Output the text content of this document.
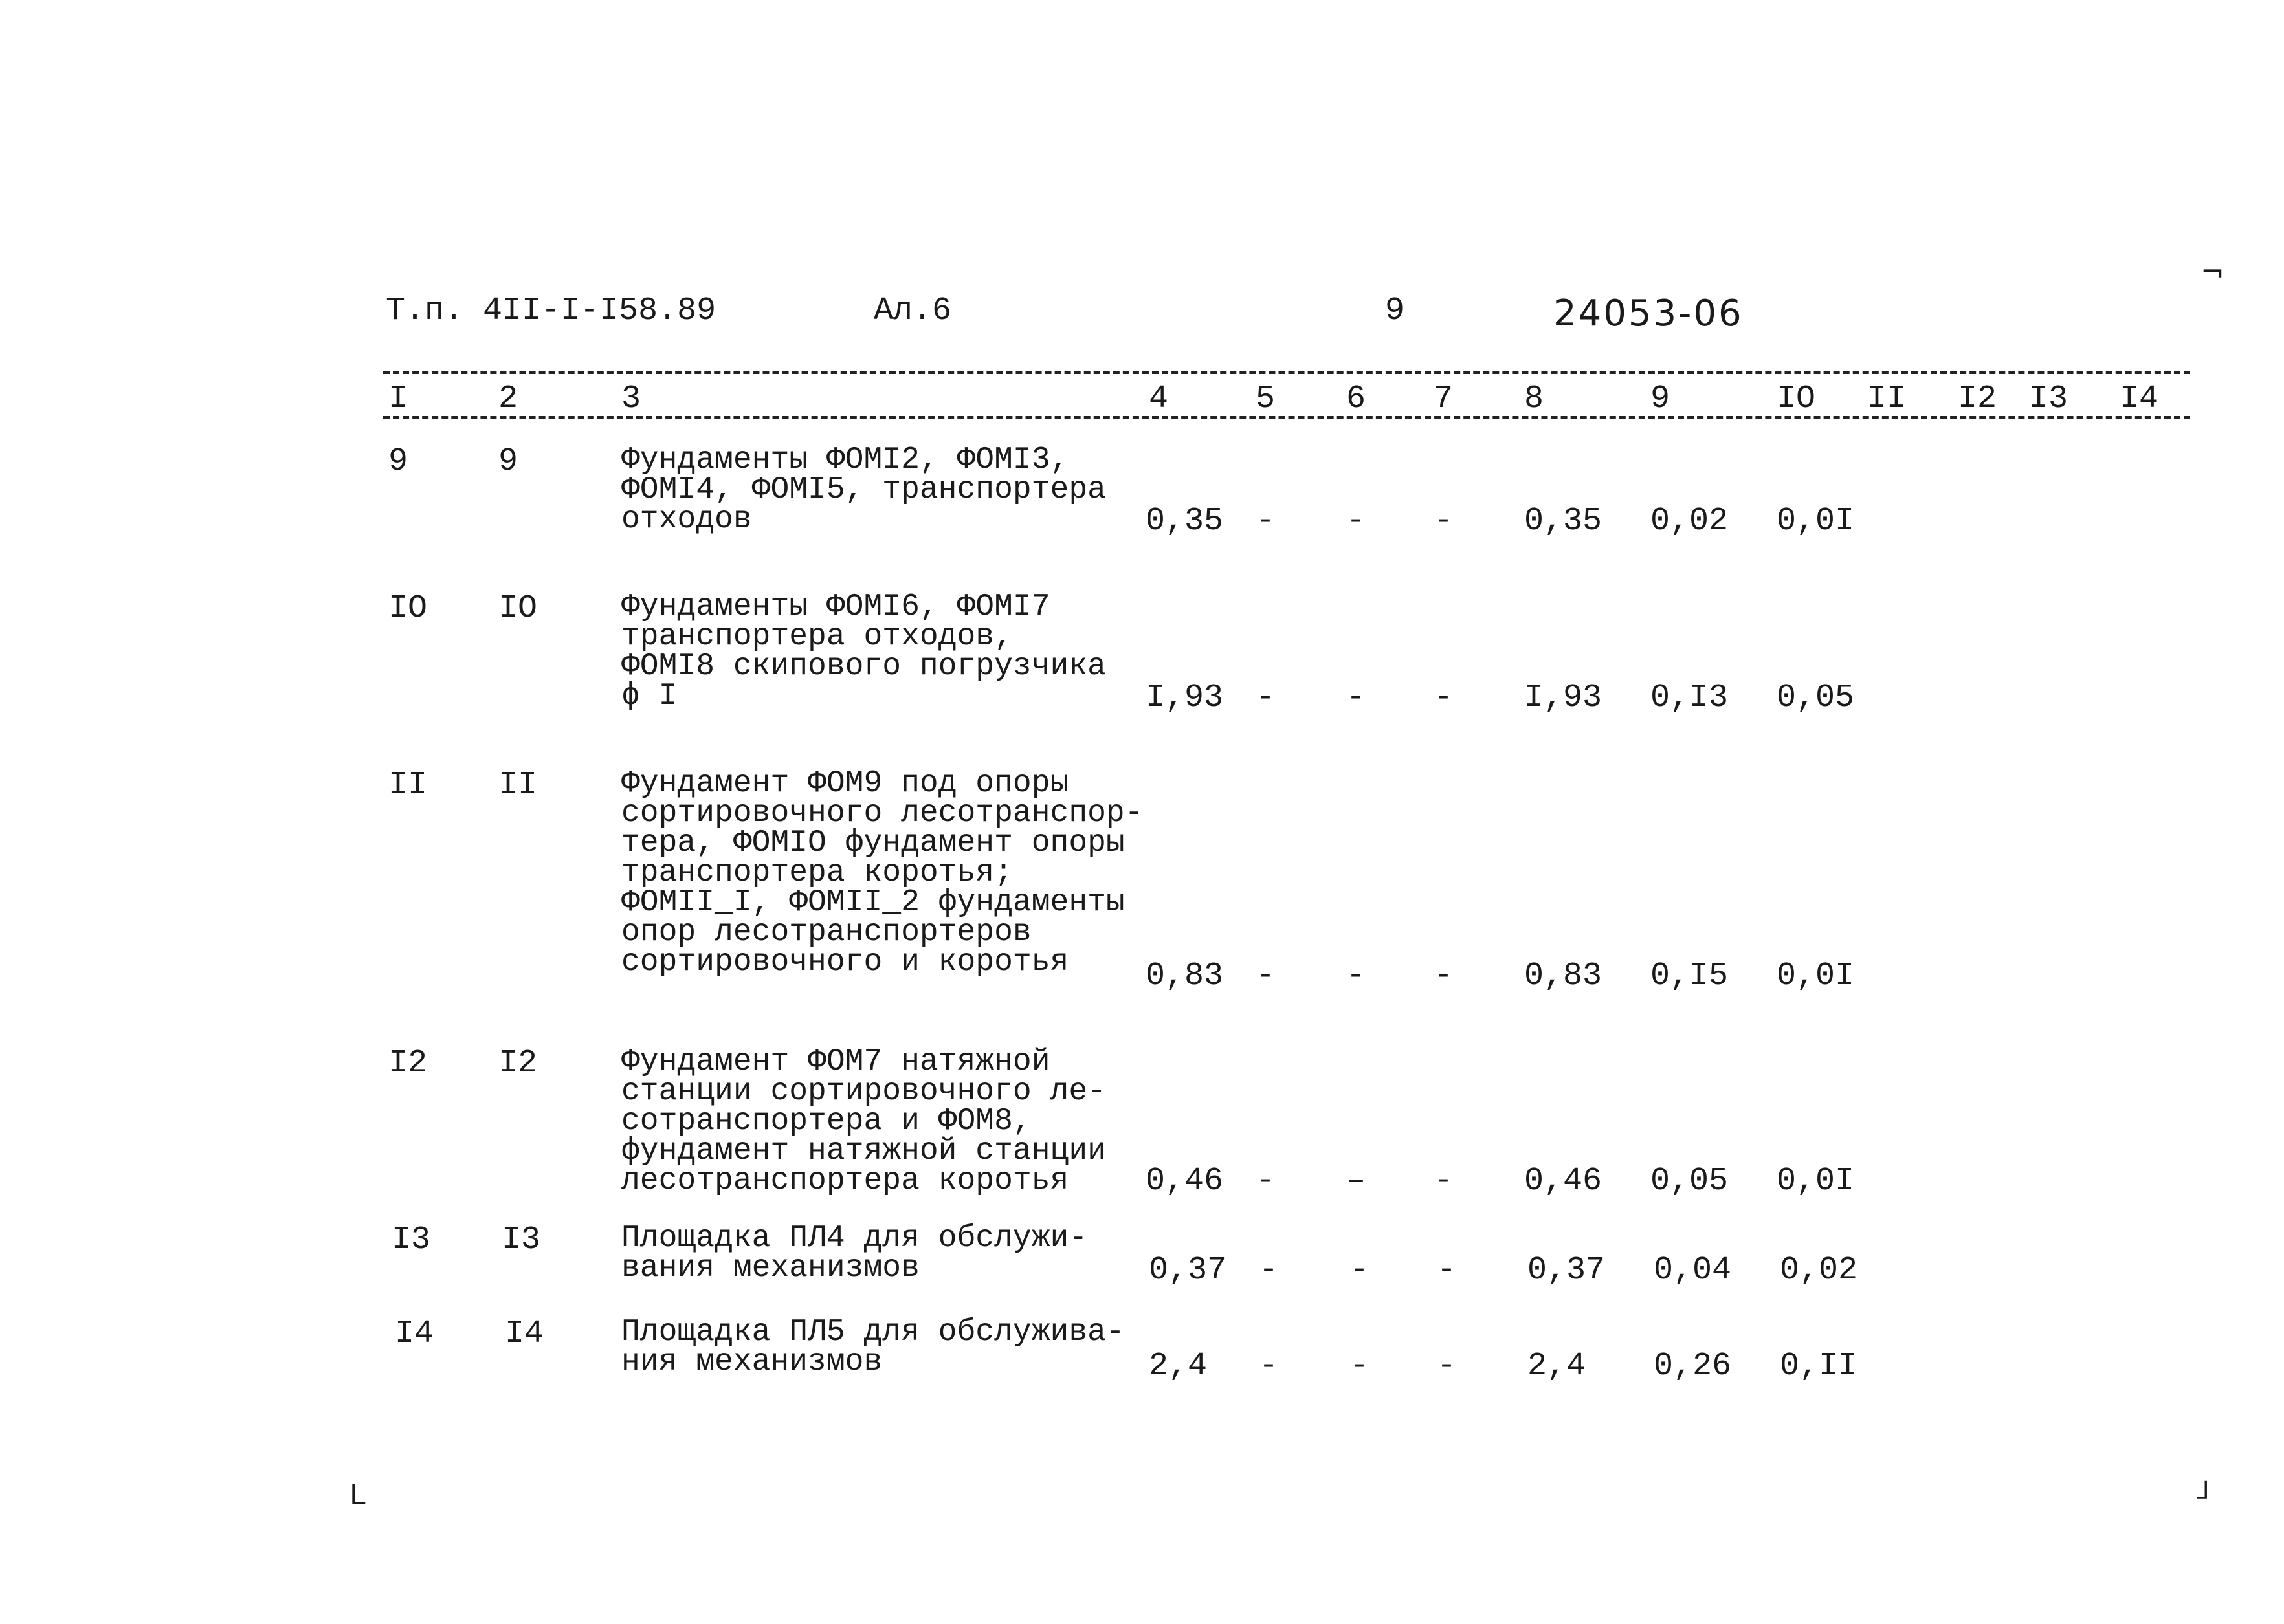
Т.п. 4II-I-I58.89	Ал.6	9	24053-06
I	2	3	4	5 6 7 8	9	IO II I2 I3 I4
9	9	Фундаменты ФОМI2, ФОМI3,
ФОМI4, ФОМI5, транспортера
отходов	0,35 - - - 0,35 0,02 0,0I
IO IO	Фундаменты ФОМI6, ФОМI7
транспортера отходов,
ФОМI8 скипового погрузчика
ϕ I	I,93 - - - I,93 0,I3 0,05
II II	Фундамент ФОМ9 под опоры
сортировочного лесотранспор-
тера, ФОМIO фундамент опоры
транспортера коротья;
ФОМII_I, ФОМII_2 фундаменты
опор лесотранспортеров
сортировочного и коротья	0,83 - - - 0,83 0,I5 0,0I
I2 I2	Фундамент ФОМ7 натяжной
станции сортировочного ле-
сотранспортера и ФОМ8,
фундамент натяжной станции
лесотранспортера коротья	0,46 - – - 0,46 0,05 0,0I
I3 I3	Площадка ПЛ4 для обслужи-
вания механизмов	0,37 - - - 0,37 0,04 0,02
I4 I4 Площадка ПЛ5 для обслужива-
ния механизмов	2,4 - - - 2,4 0,26 0,II
¬
L	┘
